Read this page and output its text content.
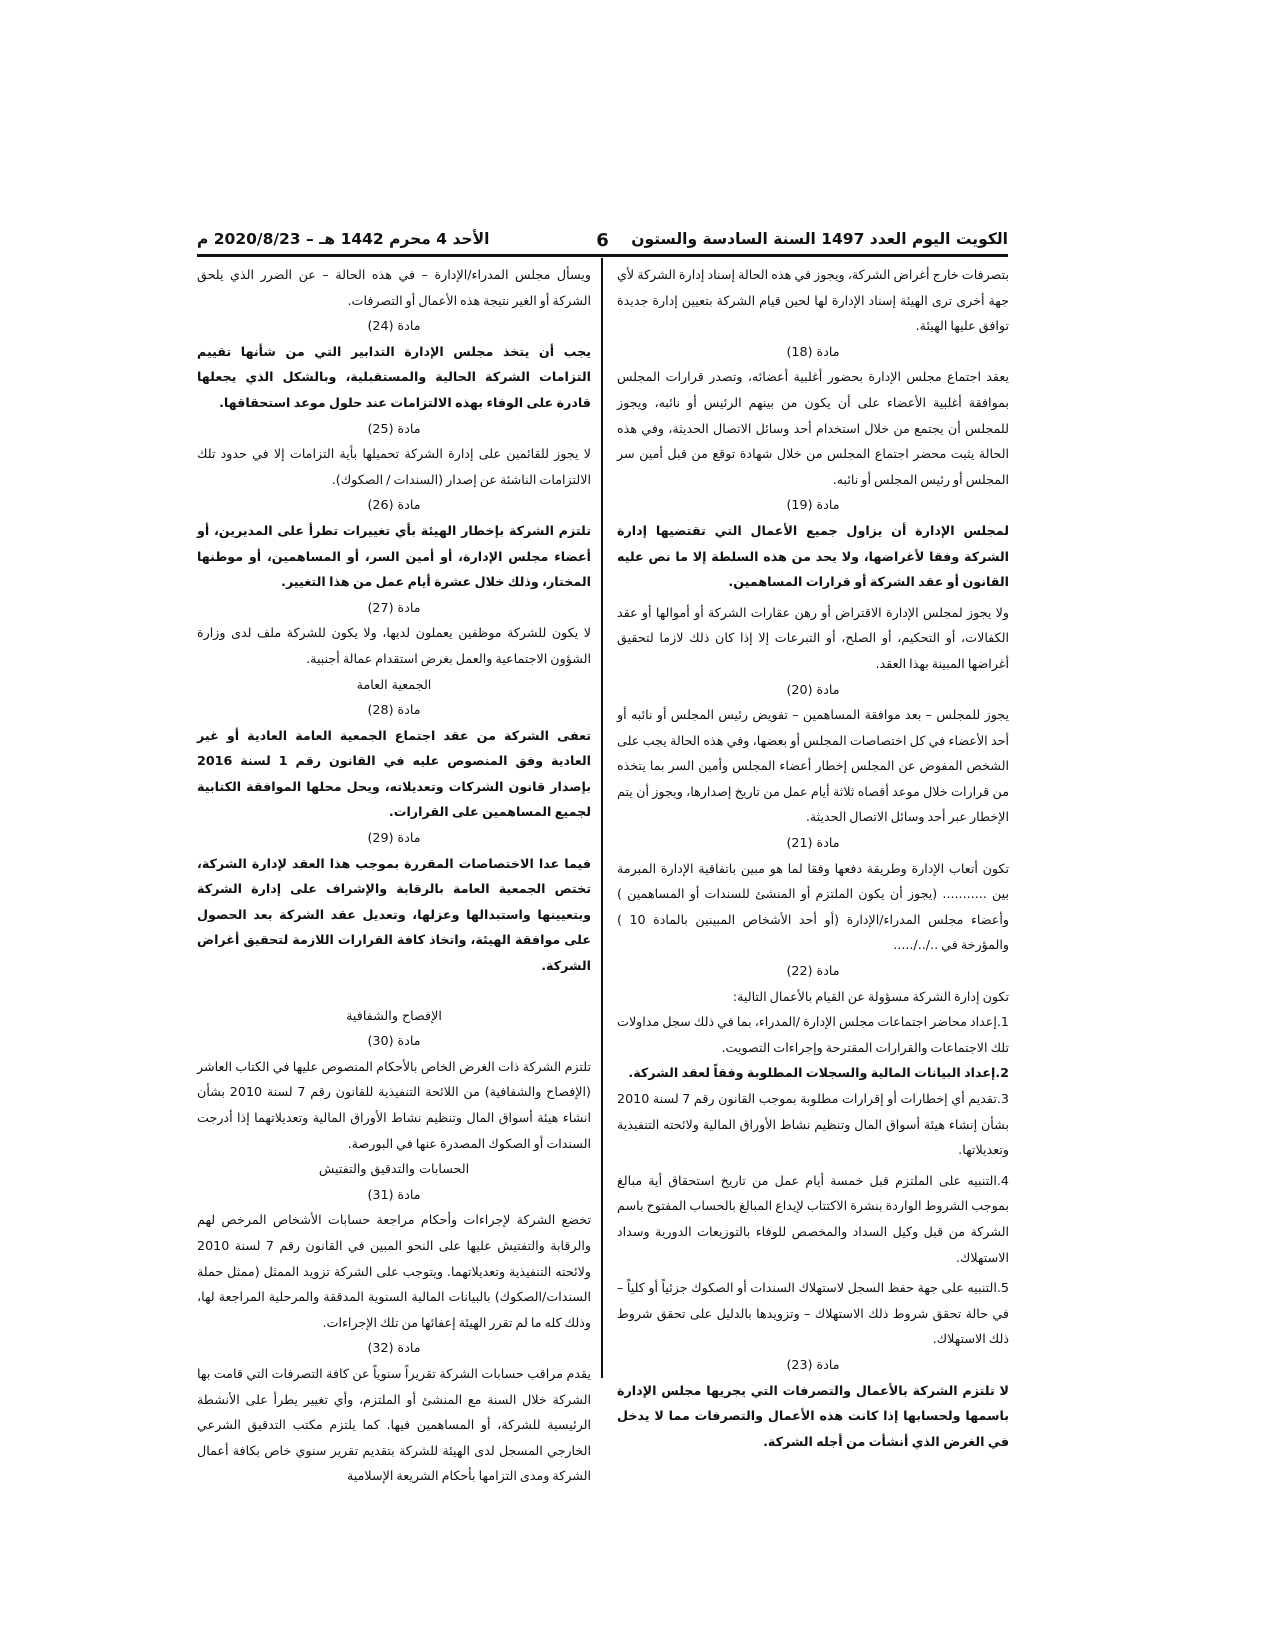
الكويت اليوم العدد 1497 السنة السادسة والستون
6
الأحد 4 محرم 1442 هـ – 2020/8/23 م

بتصرفات خارج أغراض الشركة، ويجوز في هذه الحالة إسناد إدارة الشركة لأي جهة أخرى ترى الهيئة إسناد الإدارة لها لحين قيام الشركة بتعيين إدارة جديدة توافق عليها الهيئة.

مادة (18)

يعقد اجتماع مجلس الإدارة بحضور أغلبية أعضائه، وتصدر قرارات المجلس بموافقة أغلبية الأعضاء على أن يكون من بينهم الرئيس أو نائبه، ويجوز للمجلس أن يجتمع من خلال استخدام أحد وسائل الاتصال الحديثة، وفي هذه الحالة يثبت محضر اجتماع المجلس من خلال شهادة توقع من قبل أمين سر المجلس أو رئيس المجلس أو نائبه.

مادة (19)

لمجلس الإدارة أن يزاول جميع الأعمال التي تقتضيها إدارة الشركة وفقا لأغراضها، ولا يحد من هذه السلطة إلا ما نص عليه القانون أو عقد الشركة أو قرارات المساهمين.

ولا يجوز لمجلس الإدارة الاقتراض أو رهن عقارات الشركة أو أموالها أو عقد الكفالات، أو التحكيم، أو الصلح، أو التبرعات إلا إذا كان ذلك لازما لتحقيق أغراضها المبينة بهذا العقد.

مادة (20)

يجوز للمجلس – بعد موافقة المساهمين – تفويض رئيس المجلس أو نائبه أو أحد الأعضاء في كل اختصاصات المجلس أو بعضها، وفي هذه الحالة يجب على الشخص المفوض عن المجلس إخطار أعضاء المجلس وأمين السر بما يتخذه من قرارات خلال موعد أقصاه ثلاثة أيام عمل من تاريخ إصدارها، ويجوز أن يتم الإخطار عبر أحد وسائل الاتصال الحديثة.

مادة (21)

تكون أتعاب الإدارة وطريقة دفعها وفقا لما هو مبين باتفاقية الإدارة المبرمة بين ........... (يجوز أن يكون الملتزم أو المنشئ للسندات أو المساهمين ) وأعضاء مجلس المدراء/الإدارة (أو أحد الأشخاص المبينين بالمادة 10 ) والمؤرخة في ../../.....

مادة (22)

تكون إدارة الشركة مسؤولة عن القيام بالأعمال التالية:

1.إعداد محاضر اجتماعات مجلس الإدارة /المدراء، بما في ذلك سجل مداولات تلك الاجتماعات والقرارات المقترحة وإجراءات التصويت.

2.إعداد البيانات المالية والسجلات المطلوبة وفقاً لعقد الشركة.

3.تقديم أي إخطارات أو إقرارات مطلوبة بموجب القانون رقم 7 لسنة 2010 بشأن إنشاء هيئة أسواق المال وتنظيم نشاط الأوراق المالية ولائحته التنفيذية وتعديلاتها.

4.التنبيه على الملتزم قبل خمسة أيام عمل من تاريخ استحقاق أية مبالغ بموجب الشروط الواردة بنشرة الاكتتاب لإيداع المبالغ بالحساب المفتوح باسم الشركة من قبل وكيل السداد والمخصص للوفاء بالتوزيعات الدورية وسداد الاستهلاك.

5.التنبيه على جهة حفظ السجل لاستهلاك السندات أو الصكوك جزئياً أو كلياً – في حالة تحقق شروط ذلك الاستهلاك – وتزويدها بالدليل على تحقق شروط ذلك الاستهلاك.

مادة (23)

لا تلتزم الشركة بالأعمال والتصرفات التي يجريها مجلس الإدارة باسمها ولحسابها إذا كانت هذه الأعمال والتصرفات مما لا يدخل في الغرض الذي أنشأت من أجله الشركة.

ويسأل مجلس المدراء/الإدارة – في هذه الحالة – عن الضرر الذي يلحق الشركة أو الغير نتيجة هذه الأعمال أو التصرفات.

مادة (24)

يجب أن يتخذ مجلس الإدارة التدابير التي من شأنها تقييم التزامات الشركة الحالية والمستقبلية، وبالشكل الذي يجعلها قادرة على الوفاء بهذه الالتزامات عند حلول موعد استحقاقها.

مادة (25)

لا يجوز للقائمين على إدارة الشركة تحميلها بأية التزامات إلا في حدود تلك الالتزامات الناشئة عن إصدار (السندات / الصكوك).

مادة (26)

تلتزم الشركة بإخطار الهيئة بأي تغييرات تطرأ على المديرين، أو أعضاء مجلس الإدارة، أو أمين السر، أو المساهمين، أو موطنها المختار، وذلك خلال عشرة أيام عمل من هذا التغيير.

مادة (27)

لا يكون للشركة موظفين يعملون لديها، ولا يكون للشركة ملف لدى وزارة الشؤون الاجتماعية والعمل بغرض استقدام عمالة أجنبية.

الجمعية العامة

مادة (28)

تعفى الشركة من عقد اجتماع الجمعية العامة العادية أو غير العادية وفق المنصوص عليه في القانون رقم 1 لسنة 2016 بإصدار قانون الشركات وتعديلاته، ويحل محلها الموافقة الكتابية لجميع المساهمين على القرارات.

مادة (29)

فيما عدا الاختصاصات المقررة بموجب هذا العقد لإدارة الشركة، تختص الجمعية العامة بالرقابة والإشراف على إدارة الشركة وبتعيينها واستبدالها وعزلها، وتعديل عقد الشركة بعد الحصول على موافقة الهيئة، واتخاذ كافة القرارات اللازمة لتحقيق أغراض الشركة.

الإفصاح والشفافية

مادة (30)

تلتزم الشركة ذات الغرض الخاص بالأحكام المنصوص عليها في الكتاب العاشر (الإفصاح والشفافية) من اللائحة التنفيذية للقانون رقم 7 لسنة 2010 بشأن انشاء هيئة أسواق المال وتنظيم نشاط الأوراق المالية وتعديلاتهما إذا أدرجت السندات أو الصكوك المصدرة عنها في البورصة.

الحسابات والتدقيق والتفتيش

مادة (31)

تخضع الشركة لإجراءات وأحكام مراجعة حسابات الأشخاص المرخص لهم والرقابة والتفتيش عليها على النحو المبين في القانون رقم 7 لسنة 2010 ولائحته التنفيذية وتعديلاتهما. ويتوجب على الشركة تزويد الممثل (ممثل حملة السندات/الصكوك) بالبيانات المالية السنوية المدققة والمرحلية المراجعة لها، وذلك كله ما لم تقرر الهيئة إعفائها من تلك الإجراءات.

مادة (32)

يقدم مراقب حسابات الشركة تقريراً سنوياً عن كافة التصرفات التي قامت بها الشركة خلال السنة مع المنشئ أو الملتزم، وأي تغيير يطرأ على الأنشطة الرئيسية للشركة، أو المساهمين فيها. كما يلتزم مكتب التدقيق الشرعي الخارجي المسجل لدى الهيئة للشركة بتقديم تقرير سنوي خاص بكافة أعمال الشركة ومدى التزامها بأحكام الشريعة الإسلامية
